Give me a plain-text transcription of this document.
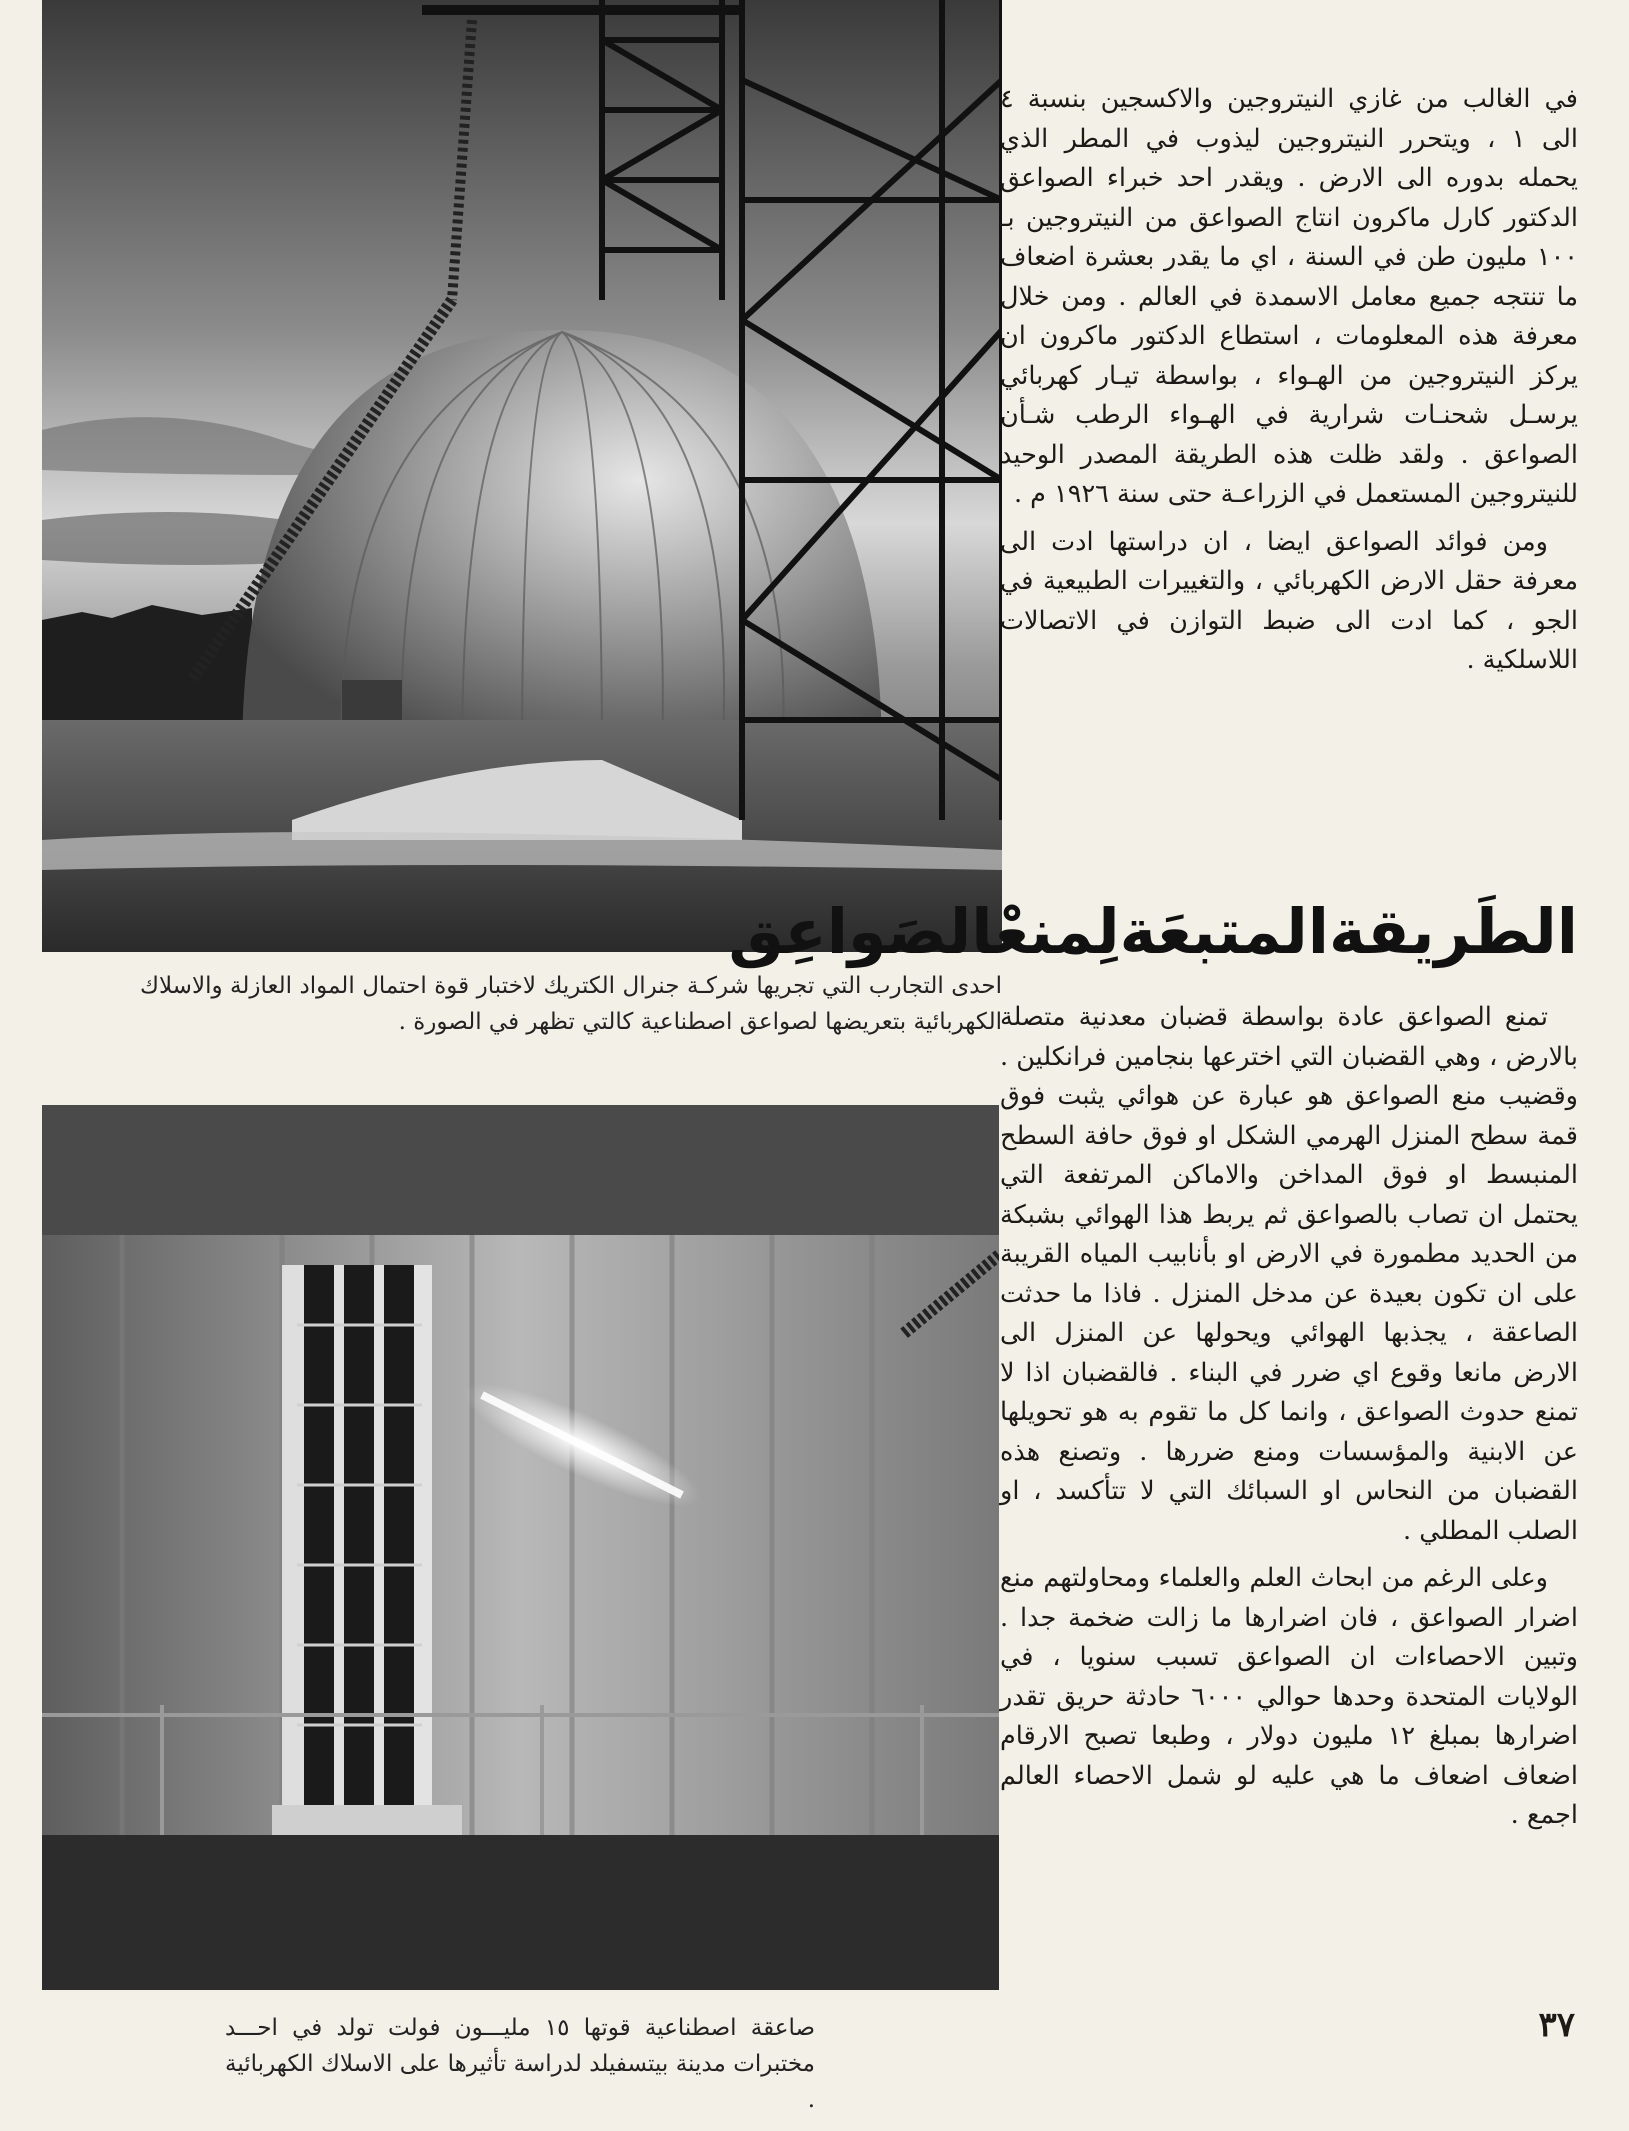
احدى التجارب التي تجريها شركـة جنرال الكتريك لاختبار قوة احتمال المواد العازلة والاسلاك الكهربائية بتعريضها لصواعق اصطناعية كالتي تظهر في الصورة .
صاعقة اصطناعية قوتها ١٥ مليـــون فولت تولد في احـــد مختبرات مدينة بيتسفيلد لدراسة تأثيرها على الاسلاك الكهربائية .

في الغالب من غازي النيتروجين والاكسجين بنسبة ٤ الى ١ ، ويتحرر النيتروجين ليذوب في المطر الذي يحمله بدوره الى الارض . ويقدر احد خبراء الصواعق الدكتور كارل ماكرون انتاج الصواعق من النيتروجين بـ ١٠٠ مليون طن في السنة ، اي ما يقدر بعشرة اضعاف ما تنتجه جميع معامل الاسمدة في العالم . ومن خلال معرفة هذه المعلومات ، استطاع الدكتور ماكرون ان يركز النيتروجين من الهـواء ، بواسطة تيـار كهربائي يرسـل شحنـات شرارية في الهـواء الرطب شـأن الصواعق . ولقد ظلت هذه الطريقة المصدر الوحيد للنيتروجين المستعمل في الزراعـة حتى سنة ١٩٢٦ م .

ومن فوائد الصواعق ايضا ، ان دراستها ادت الى معرفة حقل الارض الكهربائي ، والتغييرات الطبيعية في الجو ، كما ادت الى ضبط التوازن في الاتصالات اللاسلكية .

الطَريقةالمتبعَةلِمنعْالصَواعِق

تمنع الصواعق عادة بواسطة قضبان معدنية متصلة بالارض ، وهي القضبان التي اخترعها بنجامين فرانكلين . وقضيب منع الصواعق هو عبارة عن هوائي يثبت فوق قمة سطح المنزل الهرمي الشكل او فوق حافة السطح المنبسط او فوق المداخن والاماكن المرتفعة التي يحتمل ان تصاب بالصواعق ثم يربط هذا الهوائي بشبكة من الحديد مطمورة في الارض او بأنابيب المياه القريبة على ان تكون بعيدة عن مدخل المنزل . فاذا ما حدثت الصاعقة ، يجذبها الهوائي ويحولها عن المنزل الى الارض مانعا وقوع اي ضرر في البناء . فالقضبان اذا لا تمنع حدوث الصواعق ، وانما كل ما تقوم به هو تحويلها عن الابنية والمؤسسات ومنع ضررها . وتصنع هذه القضبان من النحاس او السبائك التي لا تتأكسد ، او الصلب المطلي .

وعلى الرغم من ابحاث العلم والعلماء ومحاولتهم منع اضرار الصواعق ، فان اضرارها ما زالت ضخمة جدا . وتبين الاحصاءات ان الصواعق تسبب سنويا ، في الولايات المتحدة وحدها حوالي ٦٠٠٠ حادثة حريق تقدر اضرارها بمبلغ ١٢ مليون دولار ، وطبعا تصبح الارقام اضعاف اضعاف ما هي عليه لو شمل الاحصاء العالم اجمع .

٣٧
